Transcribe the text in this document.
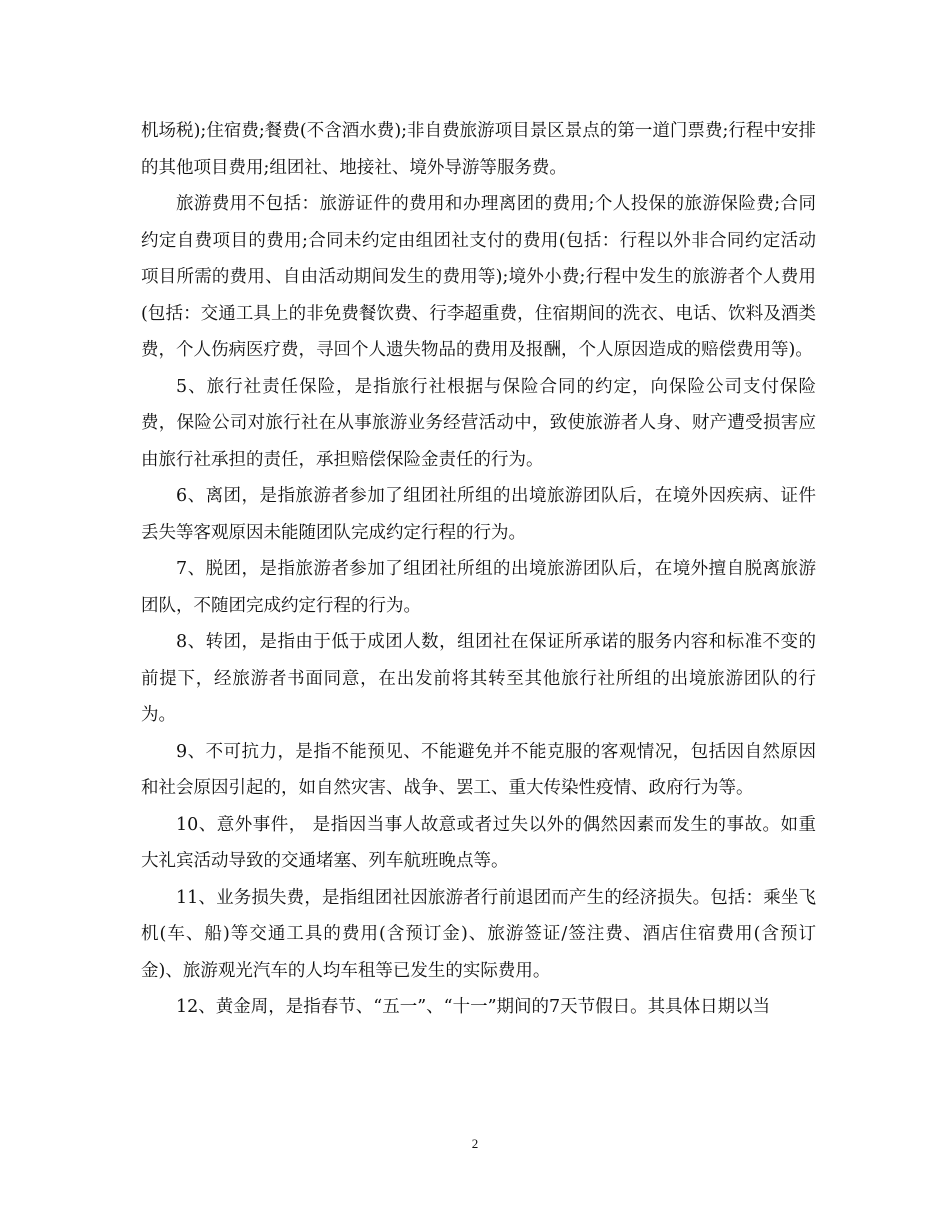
机场税);住宿费;餐费(不含酒水费);非自费旅游项目景区景点的第一道门票费;行程中安排的其他项目费用;组团社、地接社、境外导游等服务费。

旅游费用不包括：旅游证件的费用和办理离团的费用;个人投保的旅游保险费;合同约定自费项目的费用;合同未约定由组团社支付的费用(包括：行程以外非合同约定活动项目所需的费用、自由活动期间发生的费用等);境外小费;行程中发生的旅游者个人费用(包括：交通工具上的非免费餐饮费、行李超重费，住宿期间的洗衣、电话、饮料及酒类费，个人伤病医疗费，寻回个人遗失物品的费用及报酬，个人原因造成的赔偿费用等)。

5、旅行社责任保险，是指旅行社根据与保险合同的约定，向保险公司支付保险费，保险公司对旅行社在从事旅游业务经营活动中，致使旅游者人身、财产遭受损害应由旅行社承担的责任，承担赔偿保险金责任的行为。

6、离团，是指旅游者参加了组团社所组的出境旅游团队后，在境外因疾病、证件丢失等客观原因未能随团队完成约定行程的行为。

7、脱团，是指旅游者参加了组团社所组的出境旅游团队后，在境外擅自脱离旅游团队，不随团完成约定行程的行为。

8、转团，是指由于低于成团人数，组团社在保证所承诺的服务内容和标准不变的前提下，经旅游者书面同意，在出发前将其转至其他旅行社所组的出境旅游团队的行为。

9、不可抗力，是指不能预见、不能避免并不能克服的客观情况，包括因自然原因和社会原因引起的，如自然灾害、战争、罢工、重大传染性疫情、政府行为等。

10、意外事件， 是指因当事人故意或者过失以外的偶然因素而发生的事故。如重大礼宾活动导致的交通堵塞、列车航班晚点等。

11、业务损失费，是指组团社因旅游者行前退团而产生的经济损失。包括：乘坐飞机(车、船)等交通工具的费用(含预订金)、旅游签证/签注费、酒店住宿费用(含预订金)、旅游观光汽车的人均车租等已发生的实际费用。

12、黄金周，是指春节、“五一”、“十一”期间的7天节假日。其具体日期以当

2
